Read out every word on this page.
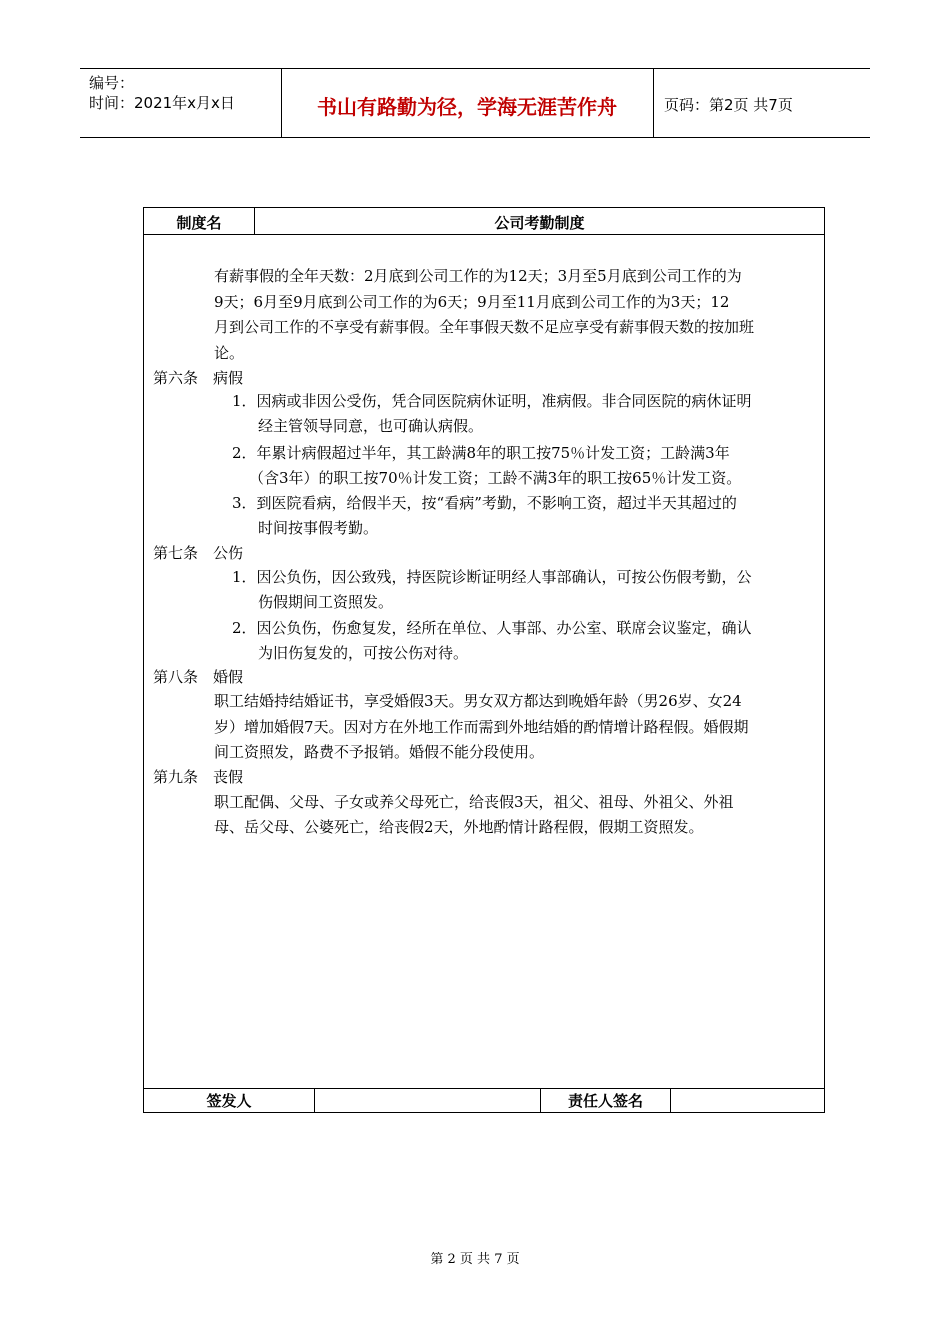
编号：
时间：2021年x月x日	书山有路勤为径，学海无涯苦作舟	页码：第2页 共7页
制度名	公司考勤制度
有薪事假的全年天数：2月底到公司工作的为12天；3月至5月底到公司工作的为
9天；6月至9月底到公司工作的为6天；9月至11月底到公司工作的为3天；12
月到公司工作的不享受有薪事假。全年事假天数不足应享受有薪事假天数的按加班
论。
第六条　病假
1．因病或非因公受伤，凭合同医院病休证明，准病假。非合同医院的病休证明
经主管领导同意，也可确认病假。
2．年累计病假超过半年，其工龄满8年的职工按75％计发工资；工龄满3年
（含3年）的职工按70％计发工资；工龄不满3年的职工按65％计发工资。
3．到医院看病，给假半天，按“看病”考勤，不影响工资，超过半天其超过的
时间按事假考勤。
第七条　公伤
1．因公负伤，因公致残，持医院诊断证明经人事部确认，可按公伤假考勤，公
伤假期间工资照发。
2．因公负伤，伤愈复发，经所在单位、人事部、办公室、联席会议鉴定，确认
为旧伤复发的，可按公伤对待。
第八条　婚假
职工结婚持结婚证书，享受婚假3天。男女双方都达到晚婚年龄（男26岁、女24
岁）增加婚假7天。因对方在外地工作而需到外地结婚的酌情增计路程假。婚假期
间工资照发，路费不予报销。婚假不能分段使用。
第九条　丧假
职工配偶、父母、子女或养父母死亡，给丧假3天，祖父、祖母、外祖父、外祖
母、岳父母、公婆死亡，给丧假2天，外地酌情计路程假，假期工资照发。
签发人	责任人签名
第 2 页 共 7 页
